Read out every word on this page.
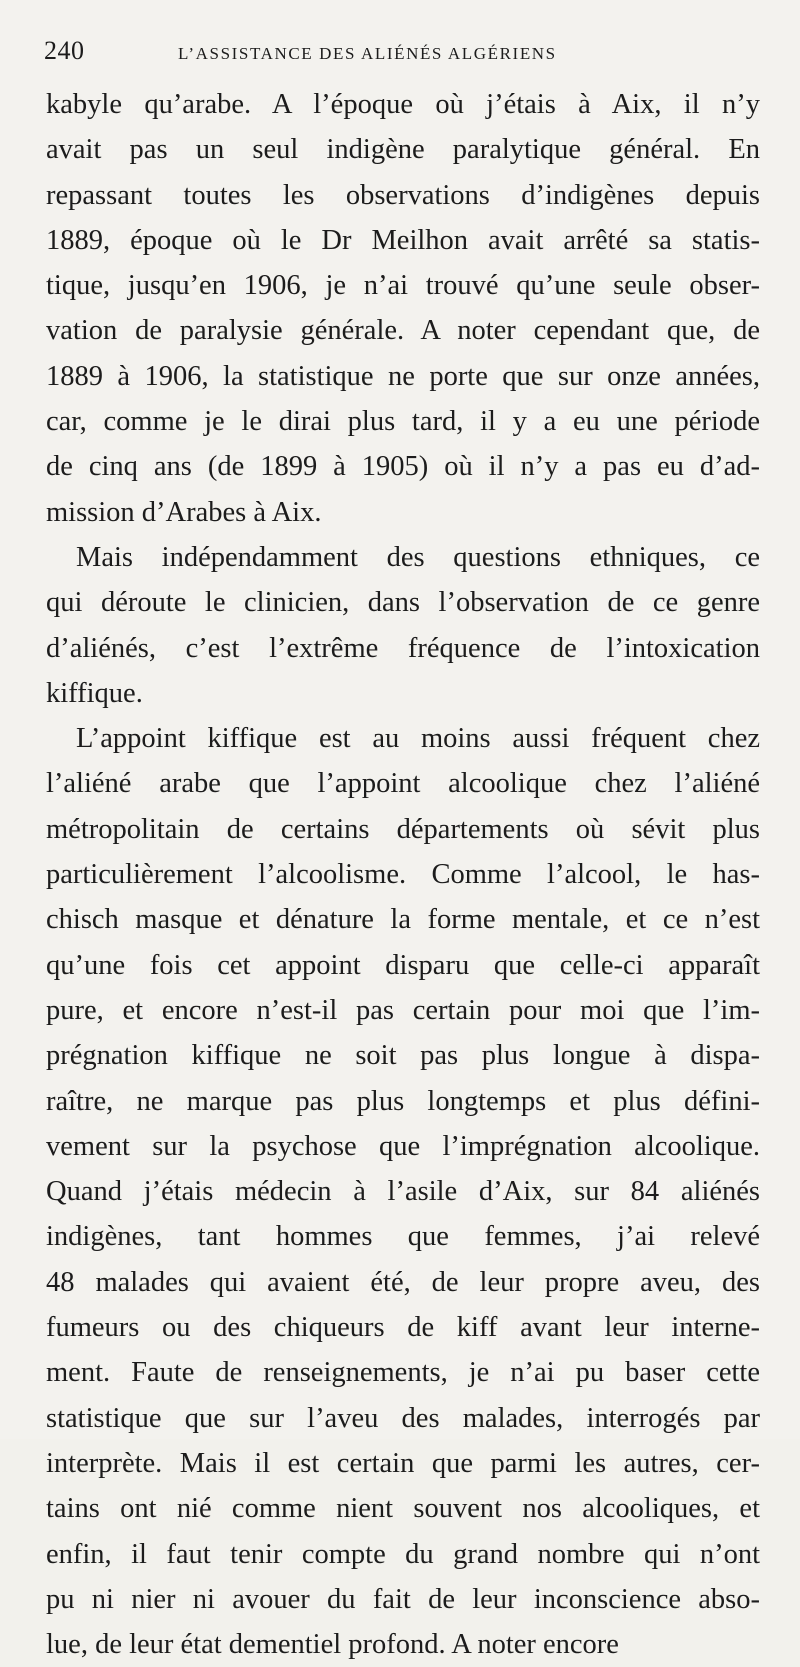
240	L’ASSISTANCE DES ALIÉNÉS ALGÉRIENS
kabyle qu’arabe. A l’époque où j’étais à Aix, il n’y
avait pas un seul indigène paralytique général. En
repassant toutes les observations d’indigènes depuis
1889, époque où le Dr Meilhon avait arrêté sa statis-
tique, jusqu’en 1906, je n’ai trouvé qu’une seule obser-
vation de paralysie générale. A noter cependant que, de
1889 à 1906, la statistique ne porte que sur onze années,
car, comme je le dirai plus tard, il y a eu une période
de cinq ans (de 1899 à 1905) où il n’y a pas eu d’ad-
mission d’Arabes à Aix.
Mais indépendamment des questions ethniques, ce
qui déroute le clinicien, dans l’observation de ce genre
d’aliénés, c’est l’extrême fréquence de l’intoxication
kiffique.
L’appoint kiffique est au moins aussi fréquent chez
l’aliéné arabe que l’appoint alcoolique chez l’aliéné
métropolitain de certains départements où sévit plus
particulièrement l’alcoolisme. Comme l’alcool, le has-
chisch masque et dénature la forme mentale, et ce n’est
qu’une fois cet appoint disparu que celle-ci apparaît
pure, et encore n’est-il pas certain pour moi que l’im-
prégnation kiffique ne soit pas plus longue à dispa-
raître, ne marque pas plus longtemps et plus défini-
vement sur la psychose que l’imprégnation alcoolique.
Quand j’étais médecin à l’asile d’Aix, sur 84 aliénés
indigènes, tant hommes que femmes, j’ai relevé
48 malades qui avaient été, de leur propre aveu, des
fumeurs ou des chiqueurs de kiff avant leur interne-
ment. Faute de renseignements, je n’ai pu baser cette
statistique que sur l’aveu des malades, interrogés par
interprète. Mais il est certain que parmi les autres, cer-
tains ont nié comme nient souvent nos alcooliques, et
enfin, il faut tenir compte du grand nombre qui n’ont
pu ni nier ni avouer du fait de leur inconscience abso-
lue, de leur état dementiel profond. A noter encore
